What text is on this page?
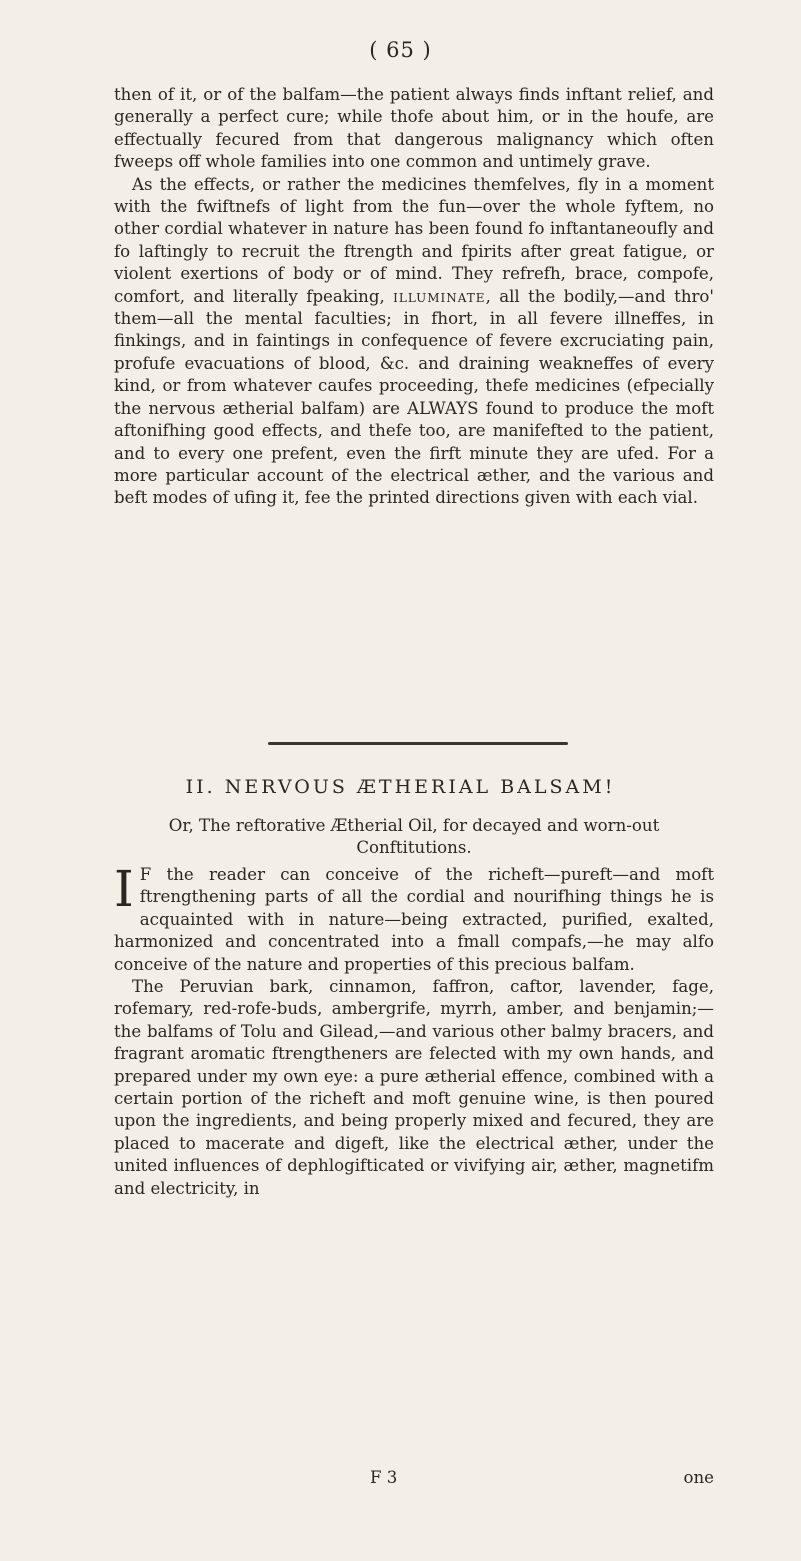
( 65 )

then of it, or of the balfam—the patient always finds inftant relief, and generally a perfect cure; while thofe about him, or in the houfe, are effectually fecured from that dangerous malignancy which often fweeps off whole families into one common and untimely grave.

As the effects, or rather the medicines themfelves, fly in a moment with the fwiftnefs of light from the fun—over the whole fyftem, no other cordial whatever in nature has been found fo inftantaneoufly and fo laftingly to recruit the ftrength and fpirits after great fatigue, or violent exertions of body or of mind. They refrefh, brace, compofe, comfort, and literally fpeaking, illuminate, all the bodily,—and thro' them—all the mental faculties; in fhort, in all fevere illneffes, in finkings, and in faintings in confequence of fevere excruciating pain, profufe evacuations of blood, &c. and draining weakneffes of every kind, or from whatever caufes proceeding, thefe medicines (efpecially the nervous ætherial balfam) are ALWAYS found to produce the moft aftonifhing good effects, and thefe too, are manifefted to the patient, and to every one prefent, even the firft minute they are ufed. For a more particular account of the electrical æther, and the various and beft modes of ufing it, fee the printed directions given with each vial.

II. NERVOUS ÆTHERIAL BALSAM!
Or, The reftorative Ætherial Oil, for decayed and worn-out Conftitutions.

I F the reader can conceive of the richeft—pureft—and moft ftrengthening parts of all the cordial and nourifhing things he is acquainted with in nature—being extracted, purified, exalted, harmonized and concentrated into a fmall compafs,—he may alfo conceive of the nature and properties of this precious balfam.

The Peruvian bark, cinnamon, faffron, caftor, lavender, fage, rofemary, red-rofe-buds, ambergrife, myrrh, amber, and benjamin;—the balfams of Tolu and Gilead,—and various other balmy bracers, and fragrant aromatic ftrengtheners are felected with my own hands, and prepared under my own eye: a pure ætherial effence, combined with a certain portion of the richeft and moft genuine wine, is then poured upon the ingredients, and being properly mixed and fecured, they are placed to macerate and digeft, like the electrical æther, under the united influences of dephlogifticated or vivifying air, æther, magnetifm and electricity, in

F 3	one
